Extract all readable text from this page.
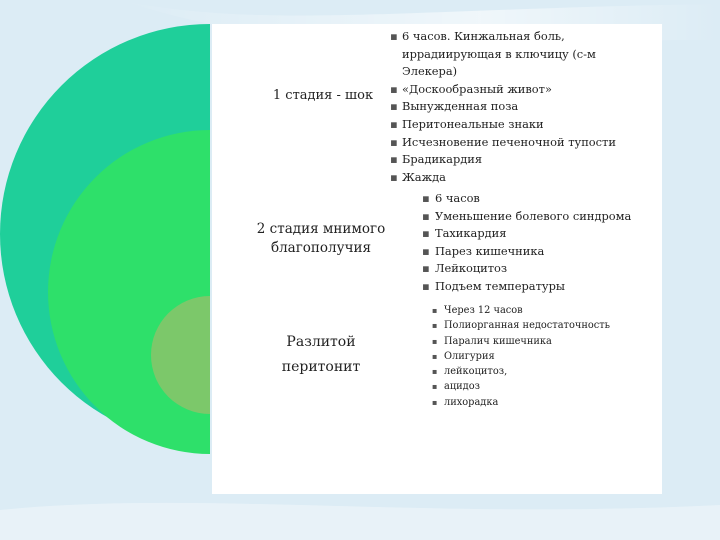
1 стадия - шок
2 стадия мнимого благополучия
Разлитой перитонит
▪ 6 часов. Кинжальная боль, иррадиирующая в ключицу (с-м Элекера)
▪ «Доскообразный живот»
▪ Вынужденная поза
▪ Перитонеальные знаки
▪ Исчезновение печеночной тупости
▪ Брадикардия
▪ Жажда
▪ 6 часов
▪ Уменьшение болевого синдрома
▪ Тахикардия
▪ Парез кишечника
▪ Лейкоцитоз
▪ Подъем температуры
▪ Через 12 часов
▪ Полиорганная недостаточность
▪ Паралич кишечника
▪ Олигурия
▪ лейкоцитоз,
▪ ацидоз
▪ лихорадка
